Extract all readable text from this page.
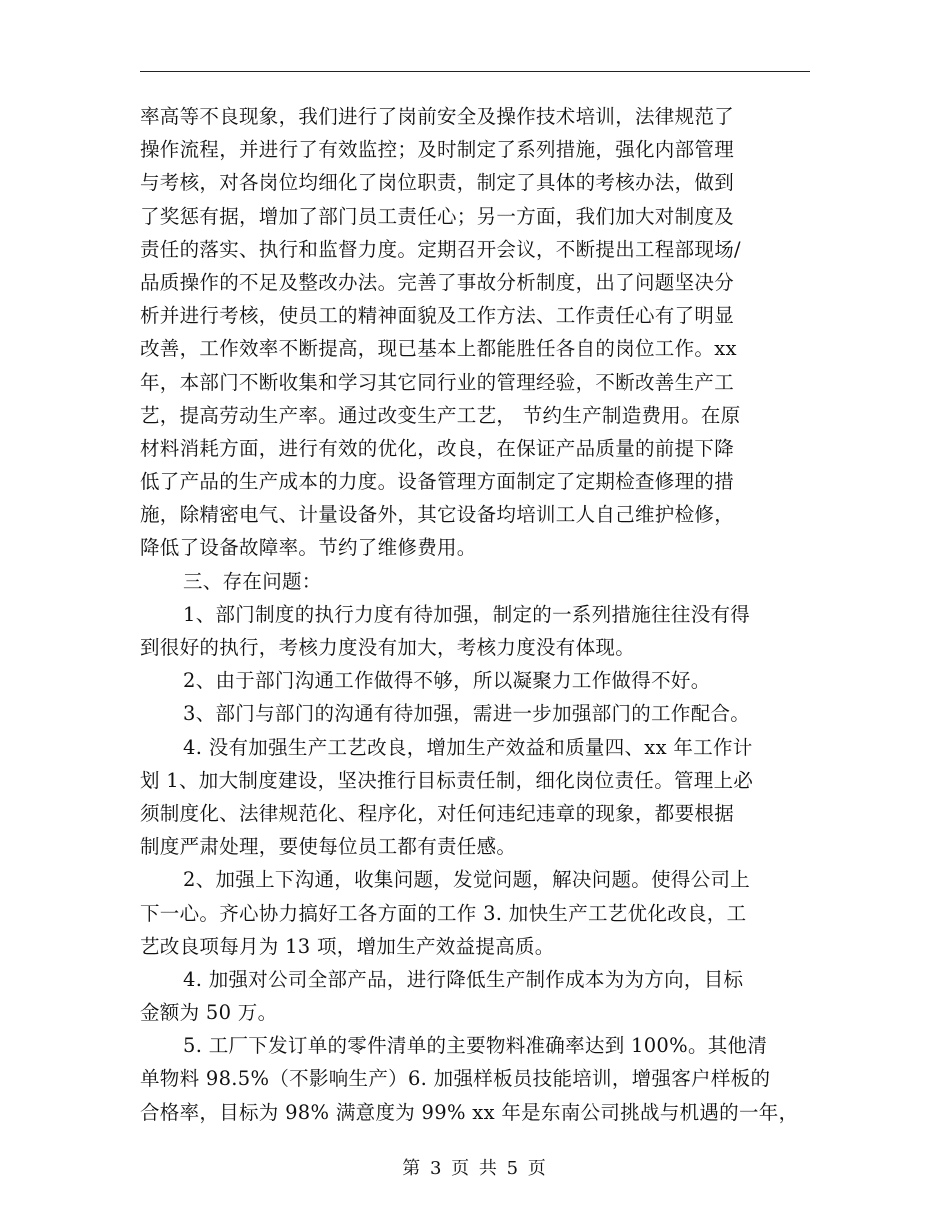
率高等不良现象，我们进行了岗前安全及操作技术培训，法律规范了
操作流程，并进行了有效监控；及时制定了系列措施，强化内部管理
与考核，对各岗位均细化了岗位职责，制定了具体的考核办法，做到
了奖惩有据，增加了部门员工责任心；另一方面，我们加大对制度及
责任的落实、执行和监督力度。定期召开会议，不断提出工程部现场/
品质操作的不足及整改办法。完善了事故分析制度，出了问题坚决分
析并进行考核，使员工的精神面貌及工作方法、工作责任心有了明显
改善，工作效率不断提高，现已基本上都能胜任各自的岗位工作。xx
年，本部门不断收集和学习其它同行业的管理经验，不断改善生产工
艺，提高劳动生产率。通过改变生产工艺， 节约生产制造费用。在原
材料消耗方面，进行有效的优化，改良，在保证产品质量的前提下降
低了产品的生产成本的力度。设备管理方面制定了定期检查修理的措
施，除精密电气、计量设备外，其它设备均培训工人自己维护检修，
降低了设备故障率。节约了维修费用。
三、存在问题：
1、部门制度的执行力度有待加强，制定的一系列措施往往没有得
到很好的执行，考核力度没有加大，考核力度没有体现。
2、由于部门沟通工作做得不够，所以凝聚力工作做得不好。
3、部门与部门的沟通有待加强，需进一步加强部门的工作配合。
4. 没有加强生产工艺改良，增加生产效益和质量四、xx 年工作计
划 1、加大制度建设，坚决推行目标责任制，细化岗位责任。管理上必
须制度化、法律规范化、程序化，对任何违纪违章的现象，都要根据
制度严肃处理，要使每位员工都有责任感。
2、加强上下沟通，收集问题，发觉问题，解决问题。使得公司上
下一心。齐心协力搞好工各方面的工作 3. 加快生产工艺优化改良，工
艺改良项每月为 13 项，增加生产效益提高质。
4. 加强对公司全部产品，进行降低生产制作成本为为方向，目标
金额为 50 万。
5. 工厂下发订单的零件清单的主要物料准确率达到 100%。其他清
单物料 98.5%（不影响生产）6. 加强样板员技能培训，增强客户样板的
合格率，目标为 98% 满意度为 99% xx 年是东南公司挑战与机遇的一年，
第 3 页 共 5 页
